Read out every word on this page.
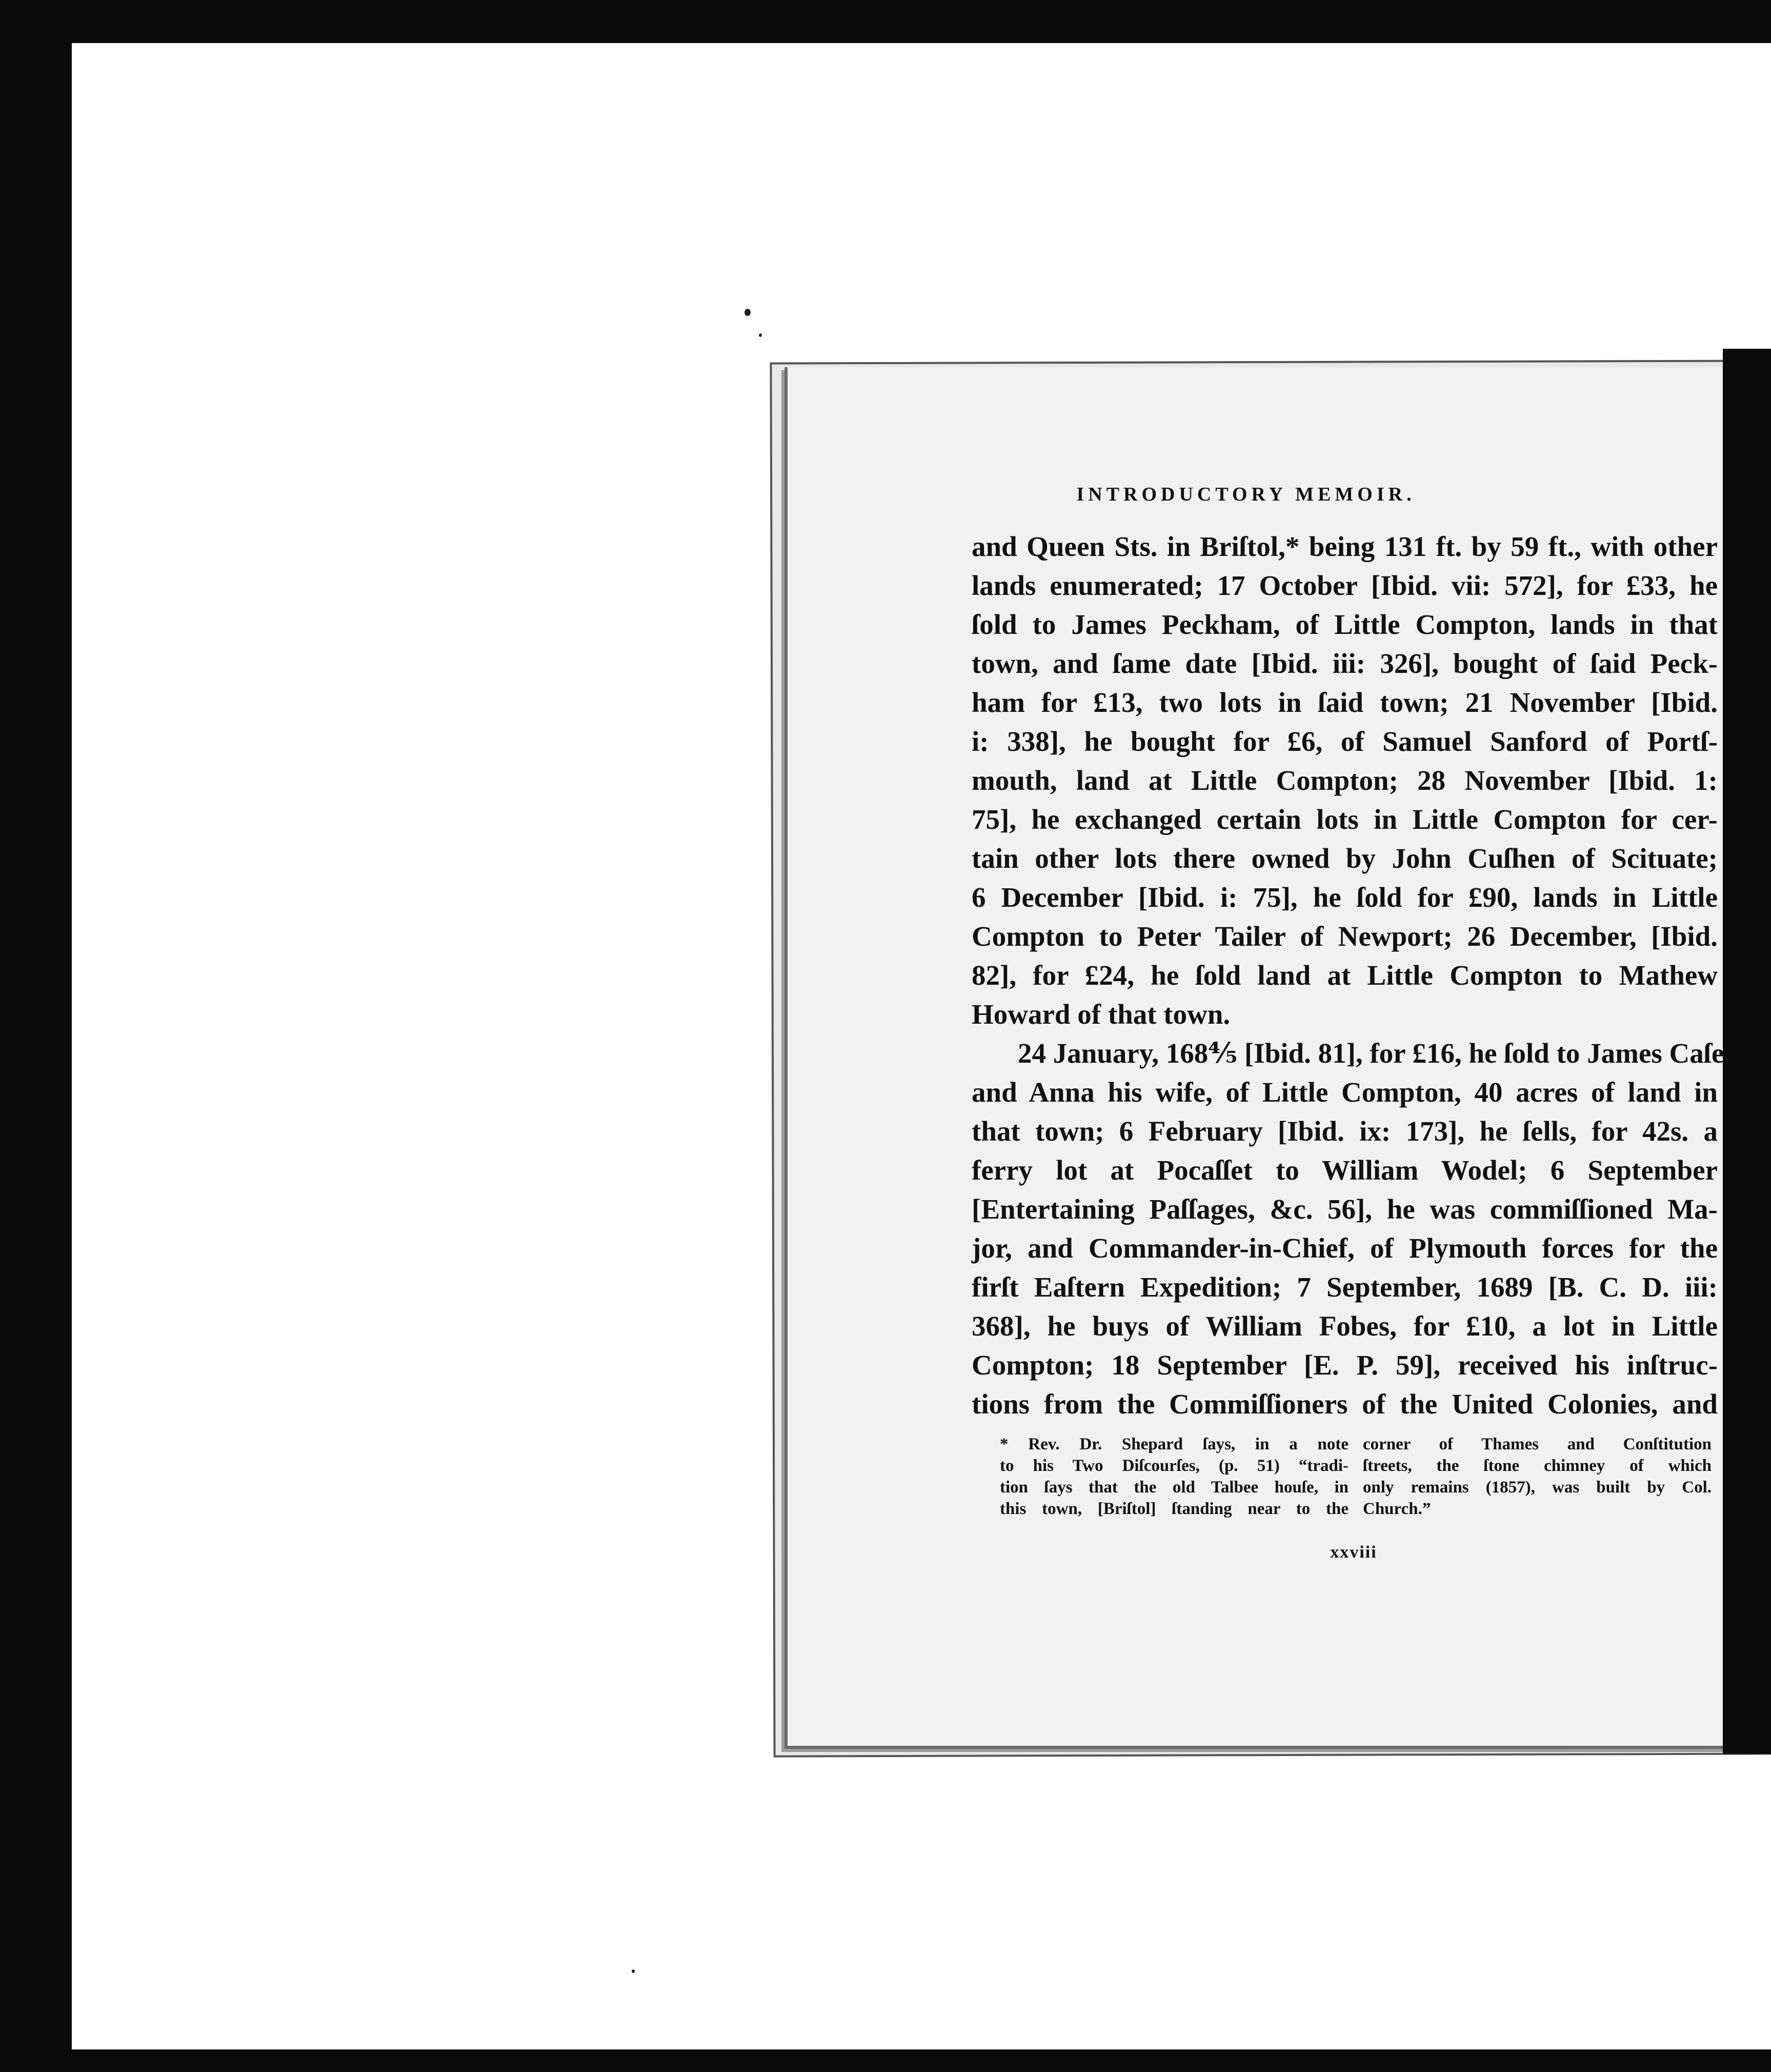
INTRODUCTORY MEMOIR.
and Queen Sts. in Briſtol,* being 131 ft. by 59 ft., with other
lands enumerated; 17 October [Ibid. vii: 572], for £33, he
ſold to James Peckham, of Little Compton, lands in that
town, and ſame date [Ibid. iii: 326], bought of ſaid Peck-
ham for £13, two lots in ſaid town; 21 November [Ibid.
i: 338], he bought for £6, of Samuel Sanford of Portſ-
mouth, land at Little Compton; 28 November [Ibid. 1:
75], he exchanged certain lots in Little Compton for cer-
tain other lots there owned by John Cuſhen of Scituate;
6 December [Ibid. i: 75], he ſold for £90, lands in Little
Compton to Peter Tailer of Newport; 26 December, [Ibid.
82], for £24, he ſold land at Little Compton to Mathew
Howard of that town.
24 January, 168⅘ [Ibid. 81], for £16, he ſold to James Caſe
and Anna his wife, of Little Compton, 40 acres of land in
that town; 6 February [Ibid. ix: 173], he ſells, for 42s. a
ferry lot at Pocaſſet to William Wodel; 6 September
[Entertaining Paſſages, &c. 56], he was commiſſioned Ma-
jor, and Commander-in-Chief, of Plymouth forces for the
firſt Eaſtern Expedition; 7 September, 1689 [B. C. D. iii:
368], he buys of William Fobes, for £10, a lot in Little
Compton; 18 September [E. P. 59], received his inſtruc-
tions from the Commiſſioners of the United Colonies, and
* Rev. Dr. Shepard ſays, in a note
to his Two Diſcourſes, (p. 51) “tradi-
tion ſays that the old Talbee houſe, in
this town, [Briſtol] ſtanding near to the
corner of Thames and Conſtitution
ſtreets, the ſtone chimney of which
only remains (1857), was built by Col.
Church.”
xxviii
